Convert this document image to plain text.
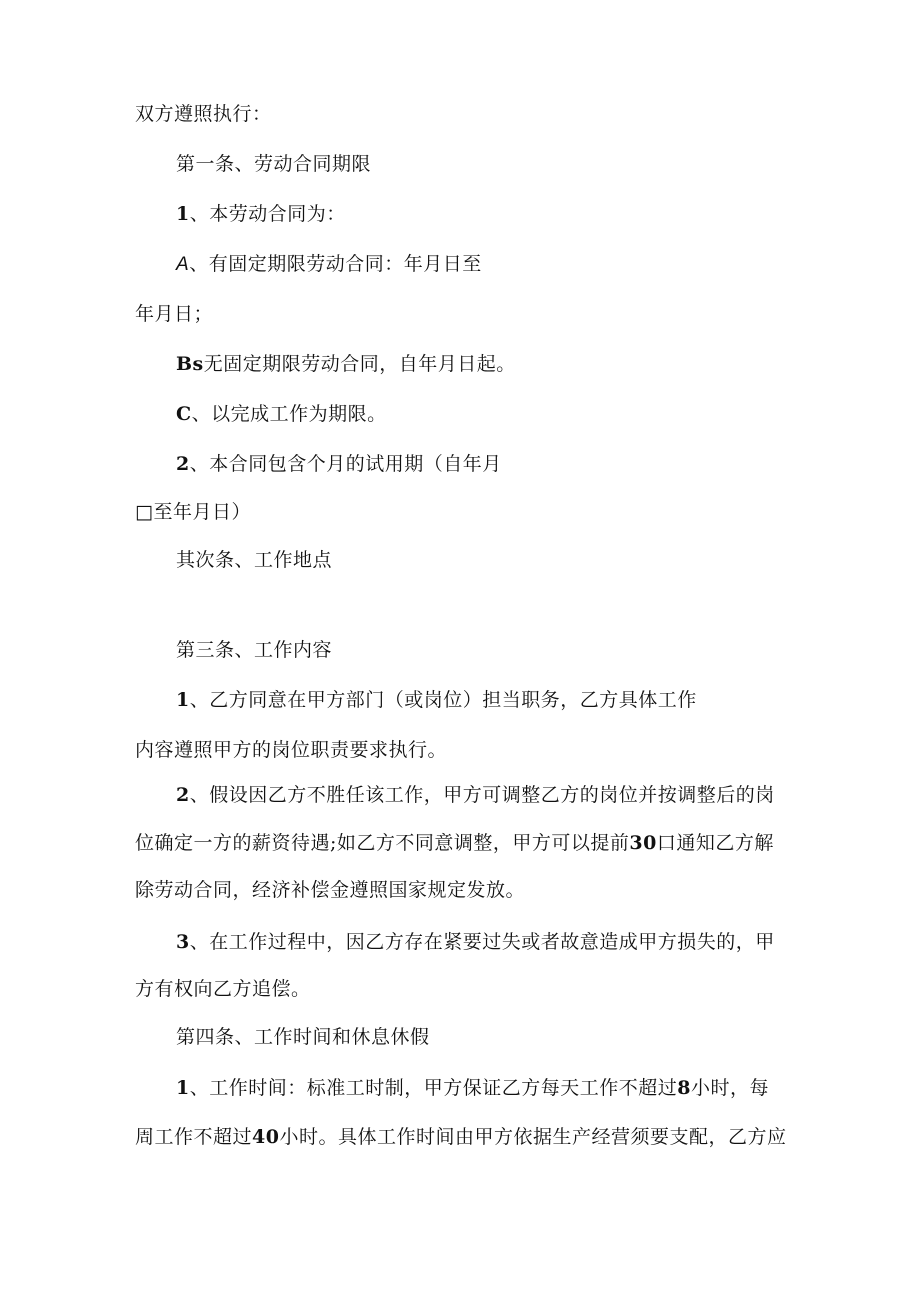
双方遵照执行：
第一条、劳动合同期限
1、本劳动合同为：
A、有固定期限劳动合同：年月日至
年月日；
Bs无固定期限劳动合同，自年月日起。
C、以完成工作为期限。
2、本合同包含个月的试用期（自年月
□至年月日）
其次条、工作地点
第三条、工作内容
1、乙方同意在甲方部门（或岗位）担当职务，乙方具体工作
内容遵照甲方的岗位职责要求执行。
2、假设因乙方不胜任该工作，甲方可调整乙方的岗位并按调整后的岗
位确定一方的薪资待遇;如乙方不同意调整，甲方可以提前30口通知乙方解
除劳动合同，经济补偿金遵照国家规定发放。
3、在工作过程中，因乙方存在紧要过失或者故意造成甲方损失的，甲
方有权向乙方追偿。
第四条、工作时间和休息休假
1、工作时间：标准工时制，甲方保证乙方每天工作不超过8小时，每
周工作不超过40小时。具体工作时间由甲方依据生产经营须要支配，乙方应
